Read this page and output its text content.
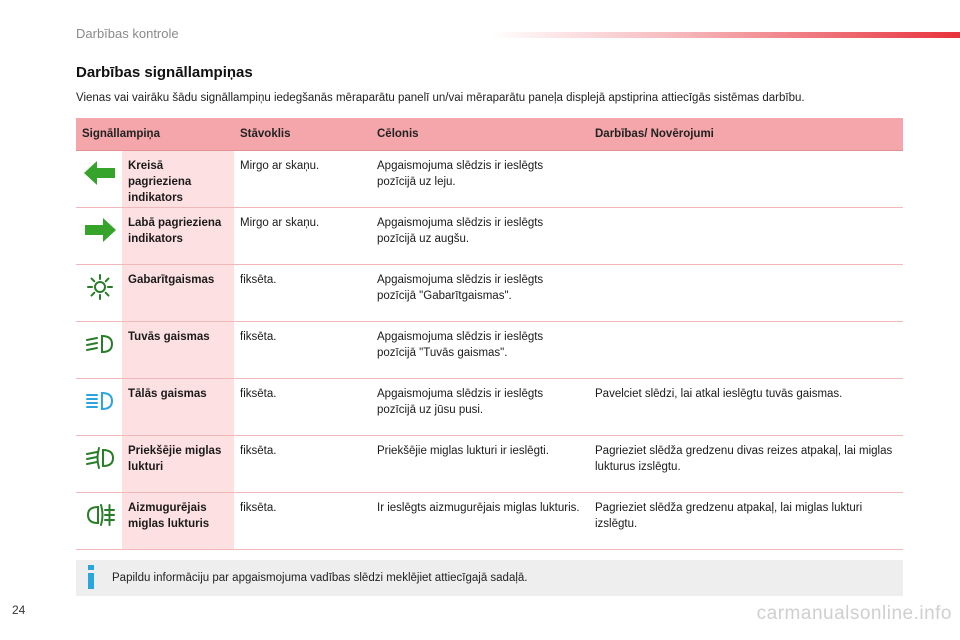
Darbības kontrole
Darbības signāllampiņas
Vienas vai vairāku šādu signāllampiņu iedegšanās mēraparātu panelī un/vai mēraparātu paneļa displejā apstiprina attiecīgās sistēmas darbību.
Signāllampiņa		Stāvoklis	Cēlonis	Darbības/ Novērojumi

	Kreisā pagrieziena indikators	Mirgo ar skaņu.	Apgaismojuma slēdzis ir ieslēgts pozīcijā uz leju.	

	Labā pagrieziena indikators	Mirgo ar skaņu.	Apgaismojuma slēdzis ir ieslēgts pozīcijā uz augšu.	

	Gabarītgaismas	fiksēta.	Apgaismojuma slēdzis ir ieslēgts pozīcijā "Gabarītgaismas".	

	Tuvās gaismas	fiksēta.	Apgaismojuma slēdzis ir ieslēgts pozīcijā "Tuvās gaismas".	

	Tālās gaismas	fiksēta.	Apgaismojuma slēdzis ir ieslēgts pozīcijā uz jūsu pusi.	Pavelciet slēdzi, lai atkal ieslēgtu tuvās gaismas.

	Priekšējie miglas lukturi	fiksēta.	Priekšējie miglas lukturi ir ieslēgti.	Pagrieziet slēdža gredzenu divas reizes atpakaļ, lai miglas lukturus izslēgtu.

	Aizmugurējais miglas lukturis	fiksēta.	Ir ieslēgts aizmugurējais miglas lukturis.	Pagrieziet slēdža gredzenu atpakaļ, lai miglas lukturi izslēgtu.
Papildu informāciju par apgaismojuma vadības slēdzi meklējiet attiecīgajā sadaļā.
24	carmanualsonline.info
